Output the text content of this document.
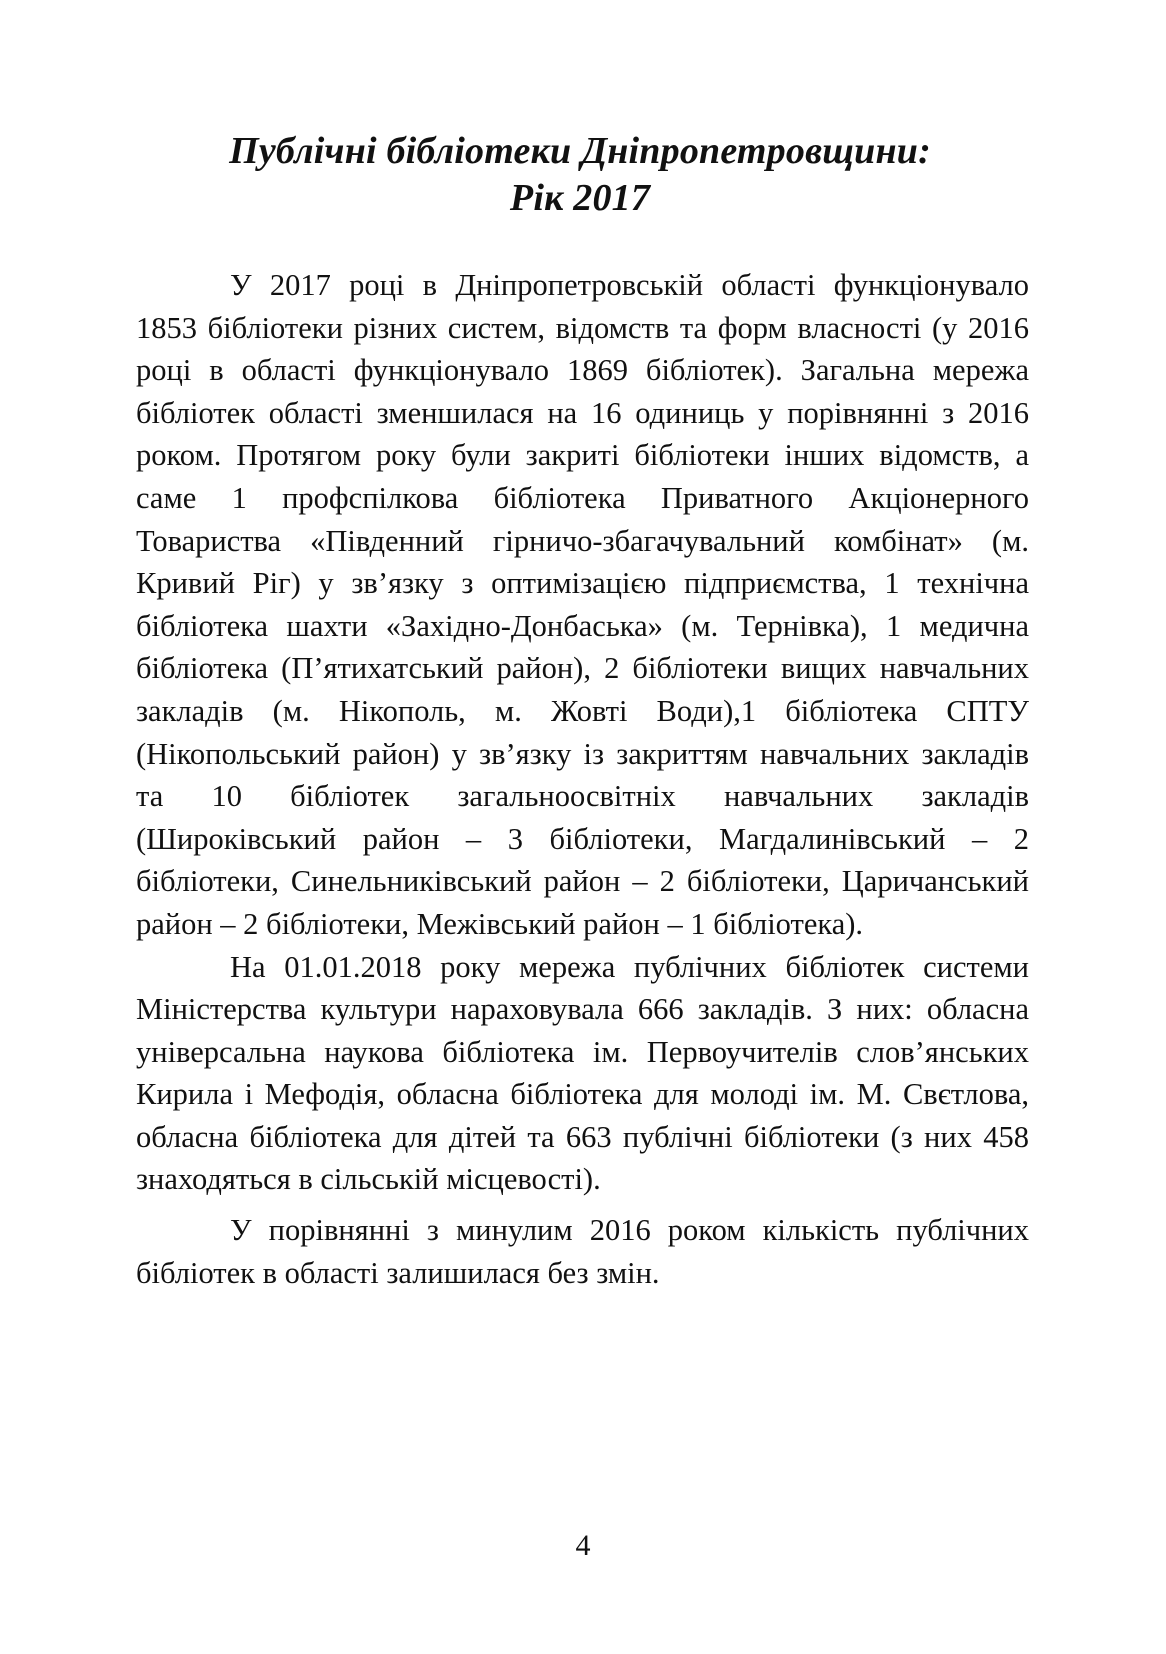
Публічні бібліотеки Дніпропетровщини:
Рік 2017

У 2017 році в Дніпропетровській області функціонувало 1853 бібліотеки різних систем, відомств та форм власності (у 2016 році в області функціонувало 1869 бібліотек). Загальна мережа бібліотек області зменшилася на 16 одиниць у порівнянні з 2016 роком. Протягом року були закриті бібліотеки інших відомств, а саме 1 профспілкова бібліотека Приватного Акціонерного Товариства «Південний гірничо-збагачувальний комбінат» (м. Кривий Ріг) у зв’язку з оптимізацією підприємства, 1 технічна бібліотека шахти «Західно-Донбаська» (м. Тернівка), 1 медична бібліотека (П’ятихатський район), 2 бібліотеки вищих навчальних закладів (м. Нікополь, м. Жовті Води),1 бібліотека СПТУ (Нікопольський район) у зв’язку із закриттям навчальних закладів та 10 бібліотек загальноосвітніх навчальних закладів (Широківський район – 3 бібліотеки, Магдалинівський – 2 бібліотеки, Синельниківський район – 2 бібліотеки, Царичанський район – 2 бібліотеки, Межівський район – 1 бібліотека).

На 01.01.2018 року мережа публічних бібліотек системи Міністерства культури нараховувала 666 закладів. З них: обласна універсальна наукова бібліотека ім. Первоучителів слов’янських Кирила і Мефодія, обласна бібліотека для молоді ім. М. Свєтлова, обласна бібліотека для дітей та 663 публічні бібліотеки (з них 458 знаходяться в сільській місцевості).

У порівнянні з минулим 2016 роком кількість публічних бібліотек в області залишилася без змін.

4
